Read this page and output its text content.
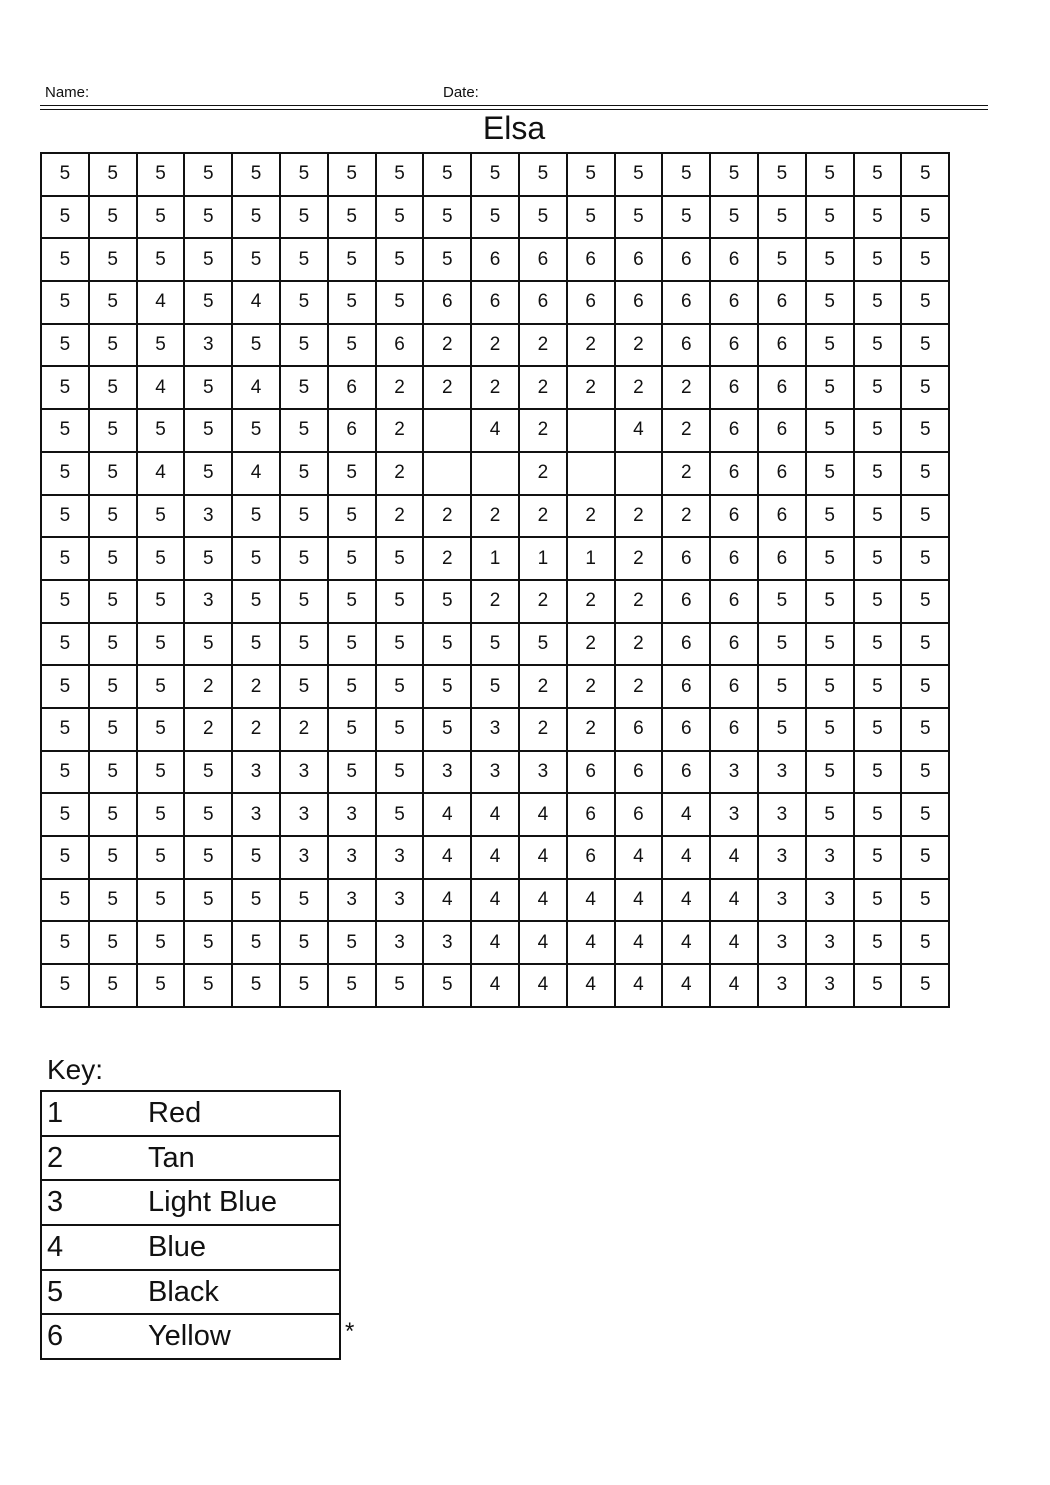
Name:	Date:
Elsa
5	5	5	5	5	5	5	5	5	5	5	5	5	5	5	5	5	5	5
5	5	5	5	5	5	5	5	5	5	5	5	5	5	5	5	5	5	5
5	5	5	5	5	5	5	5	5	6	6	6	6	6	6	5	5	5	5
5	5	4	5	4	5	5	5	6	6	6	6	6	6	6	6	5	5	5
5	5	5	3	5	5	5	6	2	2	2	2	2	6	6	6	5	5	5
5	5	4	5	4	5	6	2	2	2	2	2	2	2	6	6	5	5	5
5	5	5	5	5	5	6	2		4	2		4	2	6	6	5	5	5
5	5	4	5	4	5	5	2			2			2	6	6	5	5	5
5	5	5	3	5	5	5	2	2	2	2	2	2	2	6	6	5	5	5
5	5	5	5	5	5	5	5	2	1	1	1	2	6	6	6	5	5	5
5	5	5	3	5	5	5	5	5	2	2	2	2	6	6	5	5	5	5
5	5	5	5	5	5	5	5	5	5	5	2	2	6	6	5	5	5	5
5	5	5	2	2	5	5	5	5	5	2	2	2	6	6	5	5	5	5
5	5	5	2	2	2	5	5	5	3	2	2	6	6	6	5	5	5	5
5	5	5	5	3	3	5	5	3	3	3	6	6	6	3	3	5	5	5
5	5	5	5	3	3	3	5	4	4	4	6	6	4	3	3	5	5	5
5	5	5	5	5	3	3	3	4	4	4	6	4	4	4	3	3	5	5
5	5	5	5	5	5	3	3	4	4	4	4	4	4	4	3	3	5	5
5	5	5	5	5	5	5	3	3	4	4	4	4	4	4	3	3	5	5
5	5	5	5	5	5	5	5	5	4	4	4	4	4	4	3	3	5	5
Key:
1	Red
2	Tan
3	Light Blue
4	Blue
5	Black
6	Yellow	*
